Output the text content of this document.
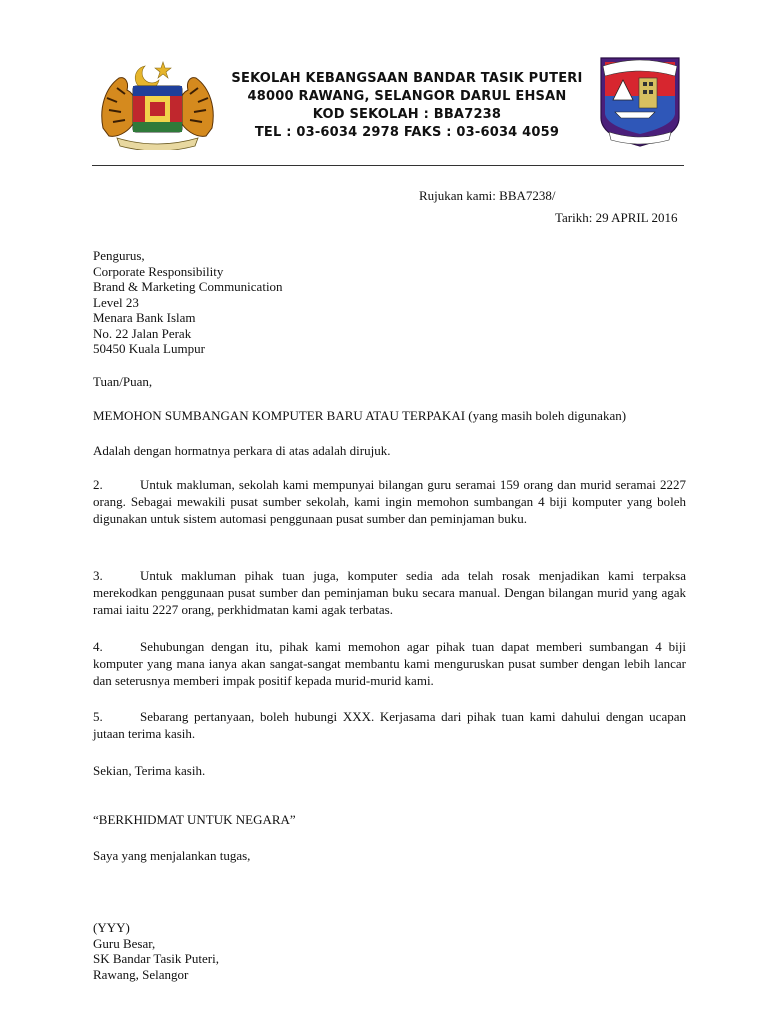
SEKOLAH KEBANGSAAN BANDAR TASIK PUTERI
48000 RAWANG, SELANGOR DARUL EHSAN
KOD SEKOLAH : BBA7238
TEL : 03-6034 2978 FAKS : 03-6034 4059
Rujukan kami: BBA7238/
Tarikh: 29 APRIL 2016
Pengurus,
Corporate Responsibility
Brand & Marketing Communication
Level 23
Menara Bank Islam
No. 22 Jalan Perak
50450 Kuala Lumpur
Tuan/Puan,
MEMOHON SUMBANGAN KOMPUTER BARU ATAU TERPAKAI (yang masih boleh digunakan)
Adalah dengan hormatnya perkara di atas adalah dirujuk.
2.	Untuk makluman, sekolah kami mempunyai bilangan guru seramai 159 orang dan murid seramai 2227 orang. Sebagai mewakili pusat sumber sekolah, kami ingin memohon sumbangan 4 biji komputer yang boleh digunakan untuk sistem automasi penggunaan pusat sumber dan peminjaman buku.
3.	Untuk makluman pihak tuan juga, komputer sedia ada telah rosak menjadikan kami terpaksa merekodkan penggunaan pusat sumber dan peminjaman buku secara manual. Dengan bilangan murid yang agak ramai iaitu 2227 orang, perkhidmatan kami agak terbatas.
4.	Sehubungan dengan itu, pihak kami memohon agar pihak tuan dapat memberi sumbangan 4 biji komputer yang mana ianya akan sangat-sangat membantu kami menguruskan pusat sumber dengan lebih lancar dan seterusnya memberi impak positif kepada murid-murid kami.
5.	Sebarang pertanyaan, boleh hubungi XXX. Kerjasama dari pihak tuan kami dahului dengan ucapan jutaan terima kasih.
Sekian, Terima kasih.
“BERKHIDMAT UNTUK NEGARA”
Saya yang menjalankan tugas,
(YYY)
Guru Besar,
SK Bandar Tasik Puteri,
Rawang, Selangor
